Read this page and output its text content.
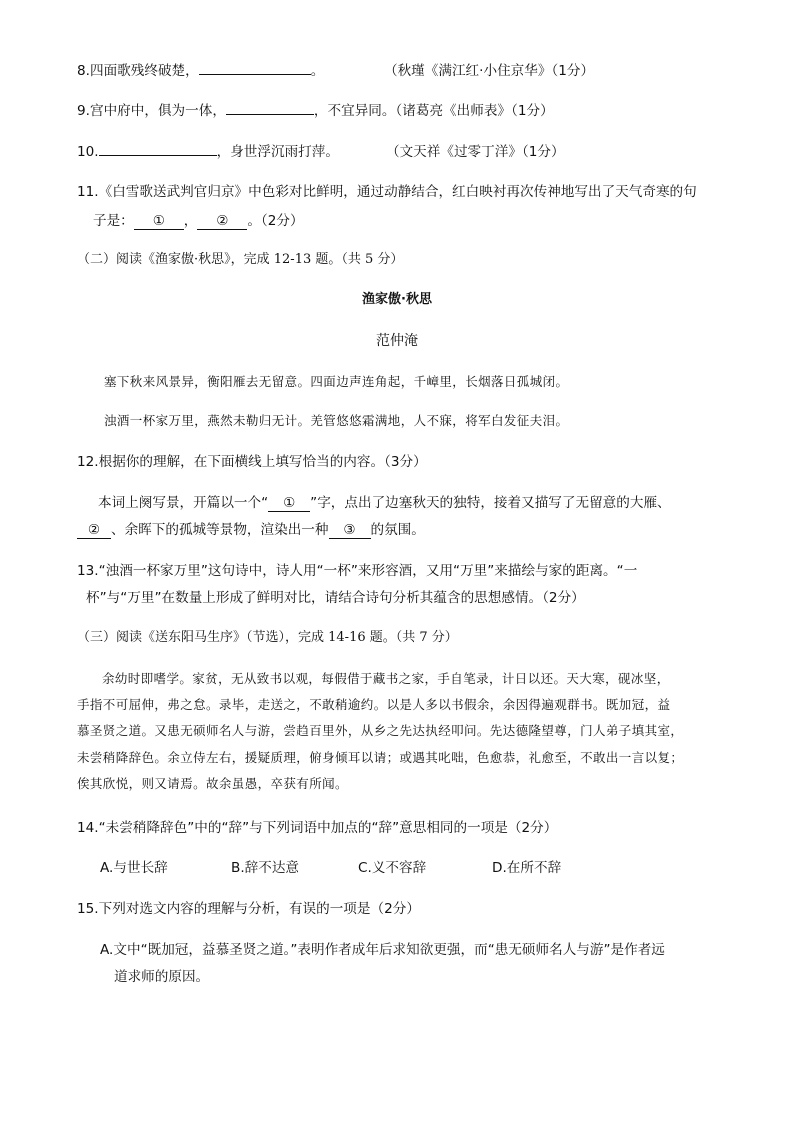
8.四面歌残终破楚，	。	（秋瑾《满江红·小住京华》（1分）
9.宫中府中，俱为一体，	，不宜异同。（诸葛亮《出师表》（1分）
10.	，身世浮沉雨打萍。	（文天祥《过零丁洋》（1分）
11.《白雪歌送武判官归京》中色彩对比鲜明，通过动静结合，红白映衬再次传神地写出了天气奇寒的句
子是： ① ， ② 。（2分）
（二）阅读《渔家傲·秋思》，完成 12-13 题。（共 5 分）
渔家傲·秋思
范仲淹
塞下秋来风景异，衡阳雁去无留意。四面边声连角起，千嶂里，长烟落日孤城闭。
浊酒一杯家万里，燕然未勒归无计。羌管悠悠霜满地，人不寐，将军白发征夫泪。
12.根据你的理解，在下面横线上填写恰当的内容。（3分）
本词上阕写景，开篇以一个“ ① ”字，点出了边塞秋天的独特，接着又描写了无留意的大雁、
② 、余晖下的孤城等景物，渲染出一种 ③ 的氛围。
13.“浊酒一杯家万里”这句诗中，诗人用“一杯”来形容酒，又用“万里”来描绘与家的距离。“一
杯”与“万里”在数量上形成了鲜明对比，请结合诗句分析其蕴含的思想感情。（2分）
（三）阅读《送东阳马生序》（节选），完成 14-16 题。（共 7 分）
余幼时即嗜学。家贫，无从致书以观，每假借于藏书之家，手自笔录，计日以还。天大寒，砚冰坚，
手指不可屈伸，弗之怠。录毕，走送之，不敢稍逾约。以是人多以书假余，余因得遍观群书。既加冠，益
慕圣贤之道。又患无硕师名人与游，尝趋百里外，从乡之先达执经叩问。先达德隆望尊，门人弟子填其室，
未尝稍降辞色。余立侍左右，援疑质理，俯身倾耳以请；或遇其叱咄，色愈恭，礼愈至，不敢出一言以复；
俟其欣悦，则又请焉。故余虽愚，卒获有所闻。
14.“未尝稍降辞色”中的“辞”与下列词语中加点的“辞”意思相同的一项是（2分）
A.与世长辞	B.辞不达意	C.义不容辞	D.在所不辞
15.下列对选文内容的理解与分析，有误的一项是（2分）
A.文中“既加冠，益慕圣贤之道。”表明作者成年后求知欲更强，而“患无硕师名人与游”是作者远
道求师的原因。
